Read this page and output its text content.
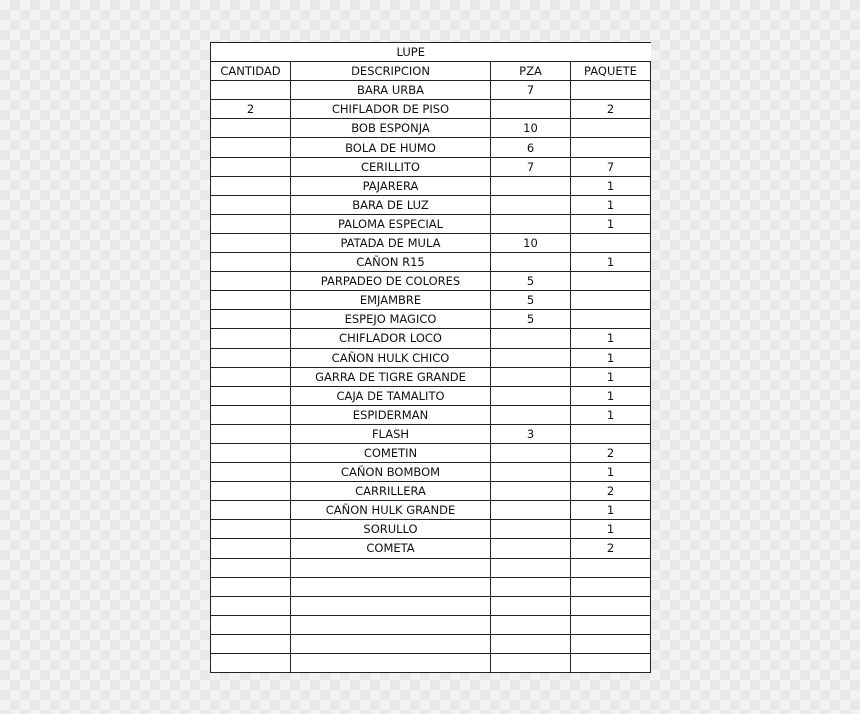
LUPE			
CANTIDAD	DESCRIPCION	PZA	PAQUETE
	BARA URBA	7	
2	CHIFLADOR DE PISO		2
	BOB ESPONJA	10	
	BOLA DE HUMO	6	
	CERILLITO	7	7
	PAJARERA		1
	BARA DE LUZ		1
	PALOMA ESPECIAL		1
	PATADA DE MULA	10	
	CAÑON R15		1
	PARPADEO DE COLORES	5	
	EMJAMBRE	5	
	ESPEJO MAGICO	5	
	CHIFLADOR LOCO		1
	CAÑON HULK CHICO		1
	GARRA DE TIGRE GRANDE		1
	CAJA DE TAMALITO		1
	ESPIDERMAN		1
	FLASH	3	
	COMETIN		2
	CAÑON BOMBOM		1
	CARRILLERA		2
	CAÑON HULK GRANDE		1
	SORULLO		1
	COMETA		2
